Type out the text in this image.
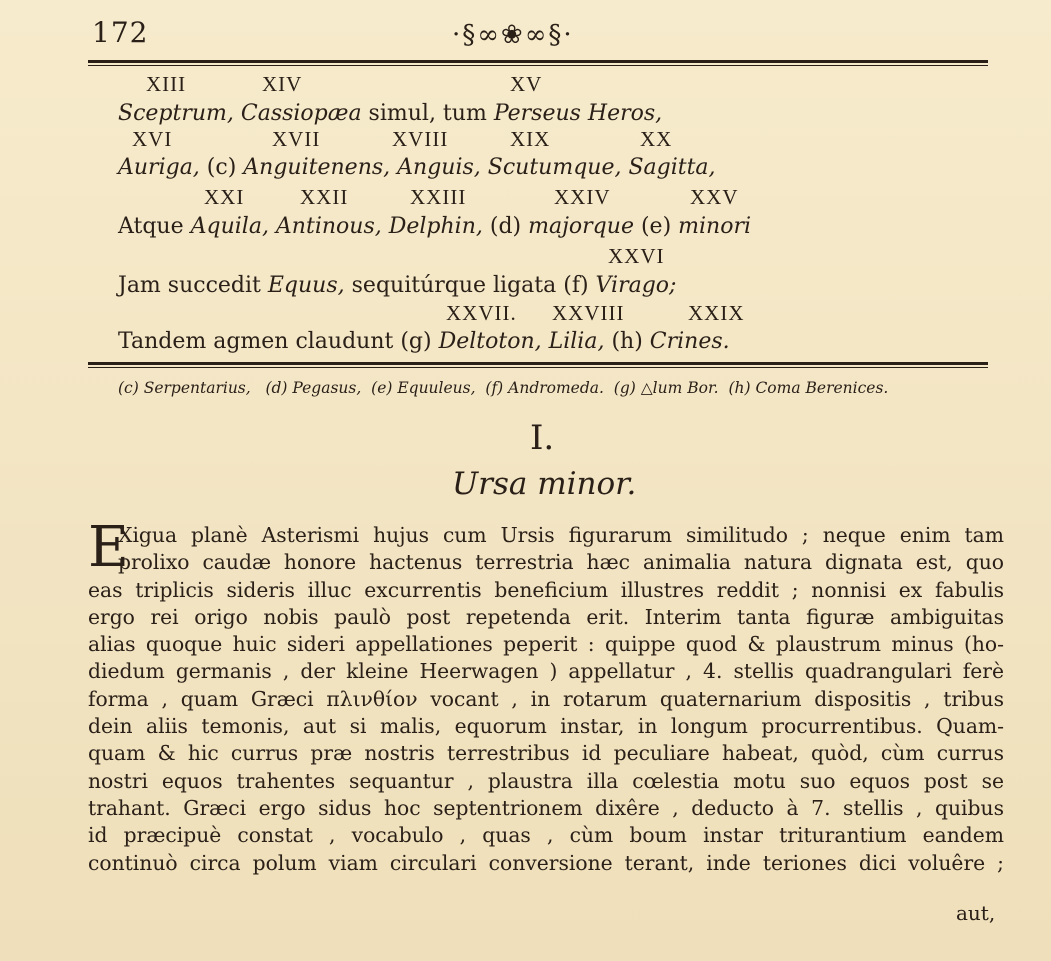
172	·§∞❀∞§·
XIII	XIV	XV
Sceptrum, Cassiopæa simul, tum Perseus Heros,
XVI	XVII	XVIII	XIX	XX
Auriga, (c) Anguitenens, Anguis, Scutumque, Sagitta,
XXI	XXII	XXIII	XXIV	XXV
Atque Aquila, Antinous, Delphin, (d) majorque (e) minori
XXVI
Jam succedit Equus, sequitúrque ligata (f) Virago;
XXVII. XXVIII	XXIX
Tandem agmen claudunt (g) Deltoton, Lilia, (h) Crines.
(c) Serpentarius,   (d) Pegasus,  (e) Equuleus,  (f) Andromeda.  (g) △lum Bor.  (h) Coma Berenices.
I.
Ursa minor.
E
Xigua planè Asterismi hujus cum Ursis figurarum similitudo ; neque enim tam
prolixo caudæ honore hactenus terrestria hæc animalia natura dignata est, quo
eas triplicis sideris illuc excurrentis beneficium illustres reddit ; nonnisi ex fabulis
ergo rei origo nobis paulò post repetenda erit. Interim tanta figuræ ambiguitas
alias quoque huic sideri appellationes peperit : quippe quod & plaustrum minus (ho-
diedum germanis , der kleine Heerwagen ) appellatur , 4. stellis quadrangulari ferè
forma , quam Græci πλινθίον vocant , in rotarum quaternarium dispositis , tribus
dein aliis temonis, aut si malis, equorum instar, in longum procurrentibus. Quam-
quam & hic currus præ nostris terrestribus id peculiare habeat, quòd, cùm currus
nostri equos trahentes sequantur , plaustra illa cœlestia motu suo equos post se
trahant. Græci ergo sidus hoc septentrionem dixêre , deducto à 7. stellis , quibus
id præcipuè constat , vocabulo , quas , cùm boum instar triturantium eandem
continuò circa polum viam circulari conversione terant, inde teriones dici voluêre ;
aut,
